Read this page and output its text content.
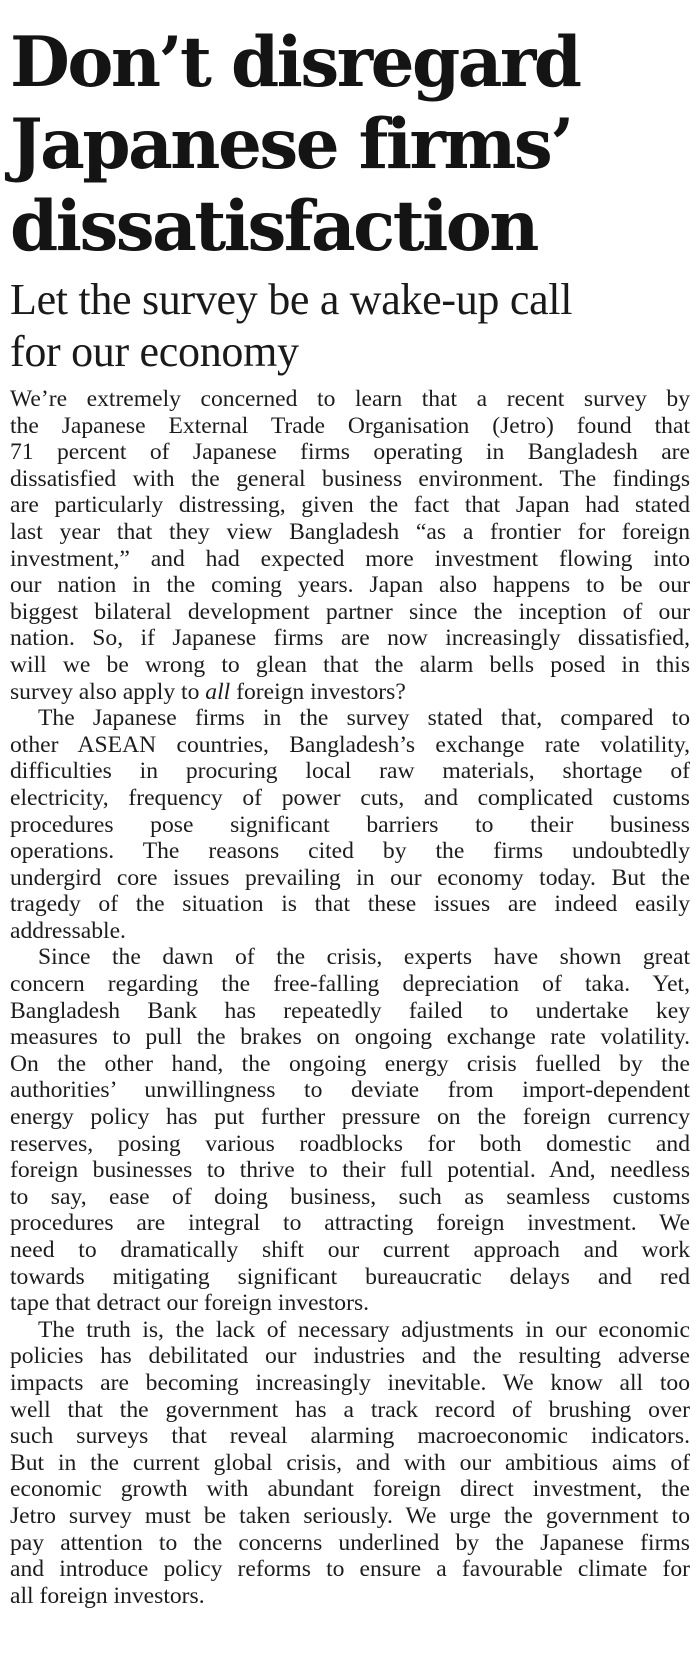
Don’t disregard
Japanese firms’
dissatisfaction
Let the survey be a wake-up call
for our economy
We’re extremely concerned to learn that a recent survey by
the Japanese External Trade Organisation (Jetro) found that
71 percent of Japanese firms operating in Bangladesh are
dissatisfied with the general business environment. The findings
are particularly distressing, given the fact that Japan had stated
last year that they view Bangladesh “as a frontier for foreign
investment,” and had expected more investment flowing into
our nation in the coming years. Japan also happens to be our
biggest bilateral development partner since the inception of our
nation. So, if Japanese firms are now increasingly dissatisfied,
will we be wrong to glean that the alarm bells posed in this
survey also apply to all foreign investors?
The Japanese firms in the survey stated that, compared to
other ASEAN countries, Bangladesh’s exchange rate volatility,
difficulties in procuring local raw materials, shortage of
electricity, frequency of power cuts, and complicated customs
procedures pose significant barriers to their business
operations. The reasons cited by the firms undoubtedly
undergird core issues prevailing in our economy today. But the
tragedy of the situation is that these issues are indeed easily
addressable.
Since the dawn of the crisis, experts have shown great
concern regarding the free-falling depreciation of taka. Yet,
Bangladesh Bank has repeatedly failed to undertake key
measures to pull the brakes on ongoing exchange rate volatility.
On the other hand, the ongoing energy crisis fuelled by the
authorities’ unwillingness to deviate from import-dependent
energy policy has put further pressure on the foreign currency
reserves, posing various roadblocks for both domestic and
foreign businesses to thrive to their full potential. And, needless
to say, ease of doing business, such as seamless customs
procedures are integral to attracting foreign investment. We
need to dramatically shift our current approach and work
towards mitigating significant bureaucratic delays and red
tape that detract our foreign investors.
The truth is, the lack of necessary adjustments in our economic
policies has debilitated our industries and the resulting adverse
impacts are becoming increasingly inevitable. We know all too
well that the government has a track record of brushing over
such surveys that reveal alarming macroeconomic indicators.
But in the current global crisis, and with our ambitious aims of
economic growth with abundant foreign direct investment, the
Jetro survey must be taken seriously. We urge the government to
pay attention to the concerns underlined by the Japanese firms
and introduce policy reforms to ensure a favourable climate for
all foreign investors.
